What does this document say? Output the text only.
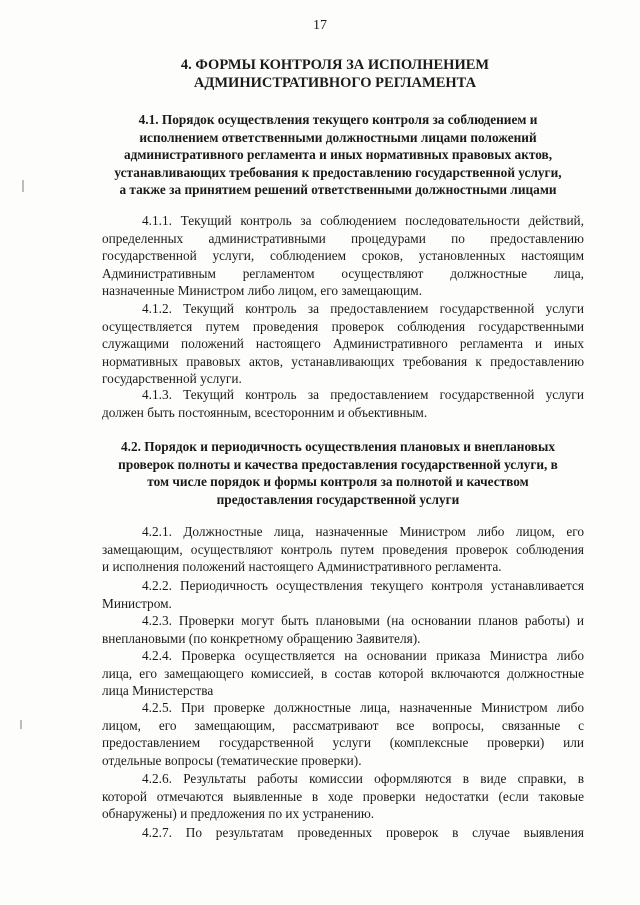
17
4. ФОРМЫ КОНТРОЛЯ ЗА ИСПОЛНЕНИЕМ
АДМИНИСТРАТИВНОГО РЕГЛАМЕНТА
4.1. Порядок осуществления текущего контроля за соблюдением и
исполнением ответственными должностными лицами положений
административного регламента и иных нормативных правовых актов,
устанавливающих требования к предоставлению государственной услуги,
а также за принятием решений ответственными должностными лицами
4.1.1. Текущий контроль за соблюдением последовательности действий,
определенных административными процедурами по предоставлению
государственной услуги, соблюдением сроков, установленных настоящим
Административным регламентом осуществляют должностные лица,
назначенные Министром либо лицом, его замещающим.
4.1.2. Текущий контроль за предоставлением государственной услуги
осуществляется путем проведения проверок соблюдения государственными
служащими положений настоящего Административного регламента и иных
нормативных правовых актов, устанавливающих требования к предоставлению
государственной услуги.
4.1.3. Текущий контроль за предоставлением государственной услуги
должен быть постоянным, всесторонним и объективным.
4.2. Порядок и периодичность осуществления плановых и внеплановых
проверок полноты и качества предоставления государственной услуги, в
том числе порядок и формы контроля за полнотой и качеством
предоставления государственной услуги
4.2.1. Должностные лица, назначенные Министром либо лицом, его
замещающим, осуществляют контроль путем проведения проверок соблюдения
и исполнения положений настоящего Административного регламента.
4.2.2. Периодичность осуществления текущего контроля устанавливается
Министром.
4.2.3. Проверки могут быть плановыми (на основании планов работы) и
внеплановыми (по конкретному обращению Заявителя).
4.2.4. Проверка осуществляется на основании приказа Министра либо
лица, его замещающего комиссией, в состав которой включаются должностные
лица Министерства
4.2.5. При проверке должностные лица, назначенные Министром либо
лицом, его замещающим, рассматривают все вопросы, связанные с
предоставлением государственной услуги (комплексные проверки) или
отдельные вопросы (тематические проверки).
4.2.6. Результаты работы комиссии оформляются в виде справки, в
которой отмечаются выявленные в ходе проверки недостатки (если таковые
обнаружены) и предложения по их устранению.
4.2.7. По результатам проведенных проверок в случае выявления
